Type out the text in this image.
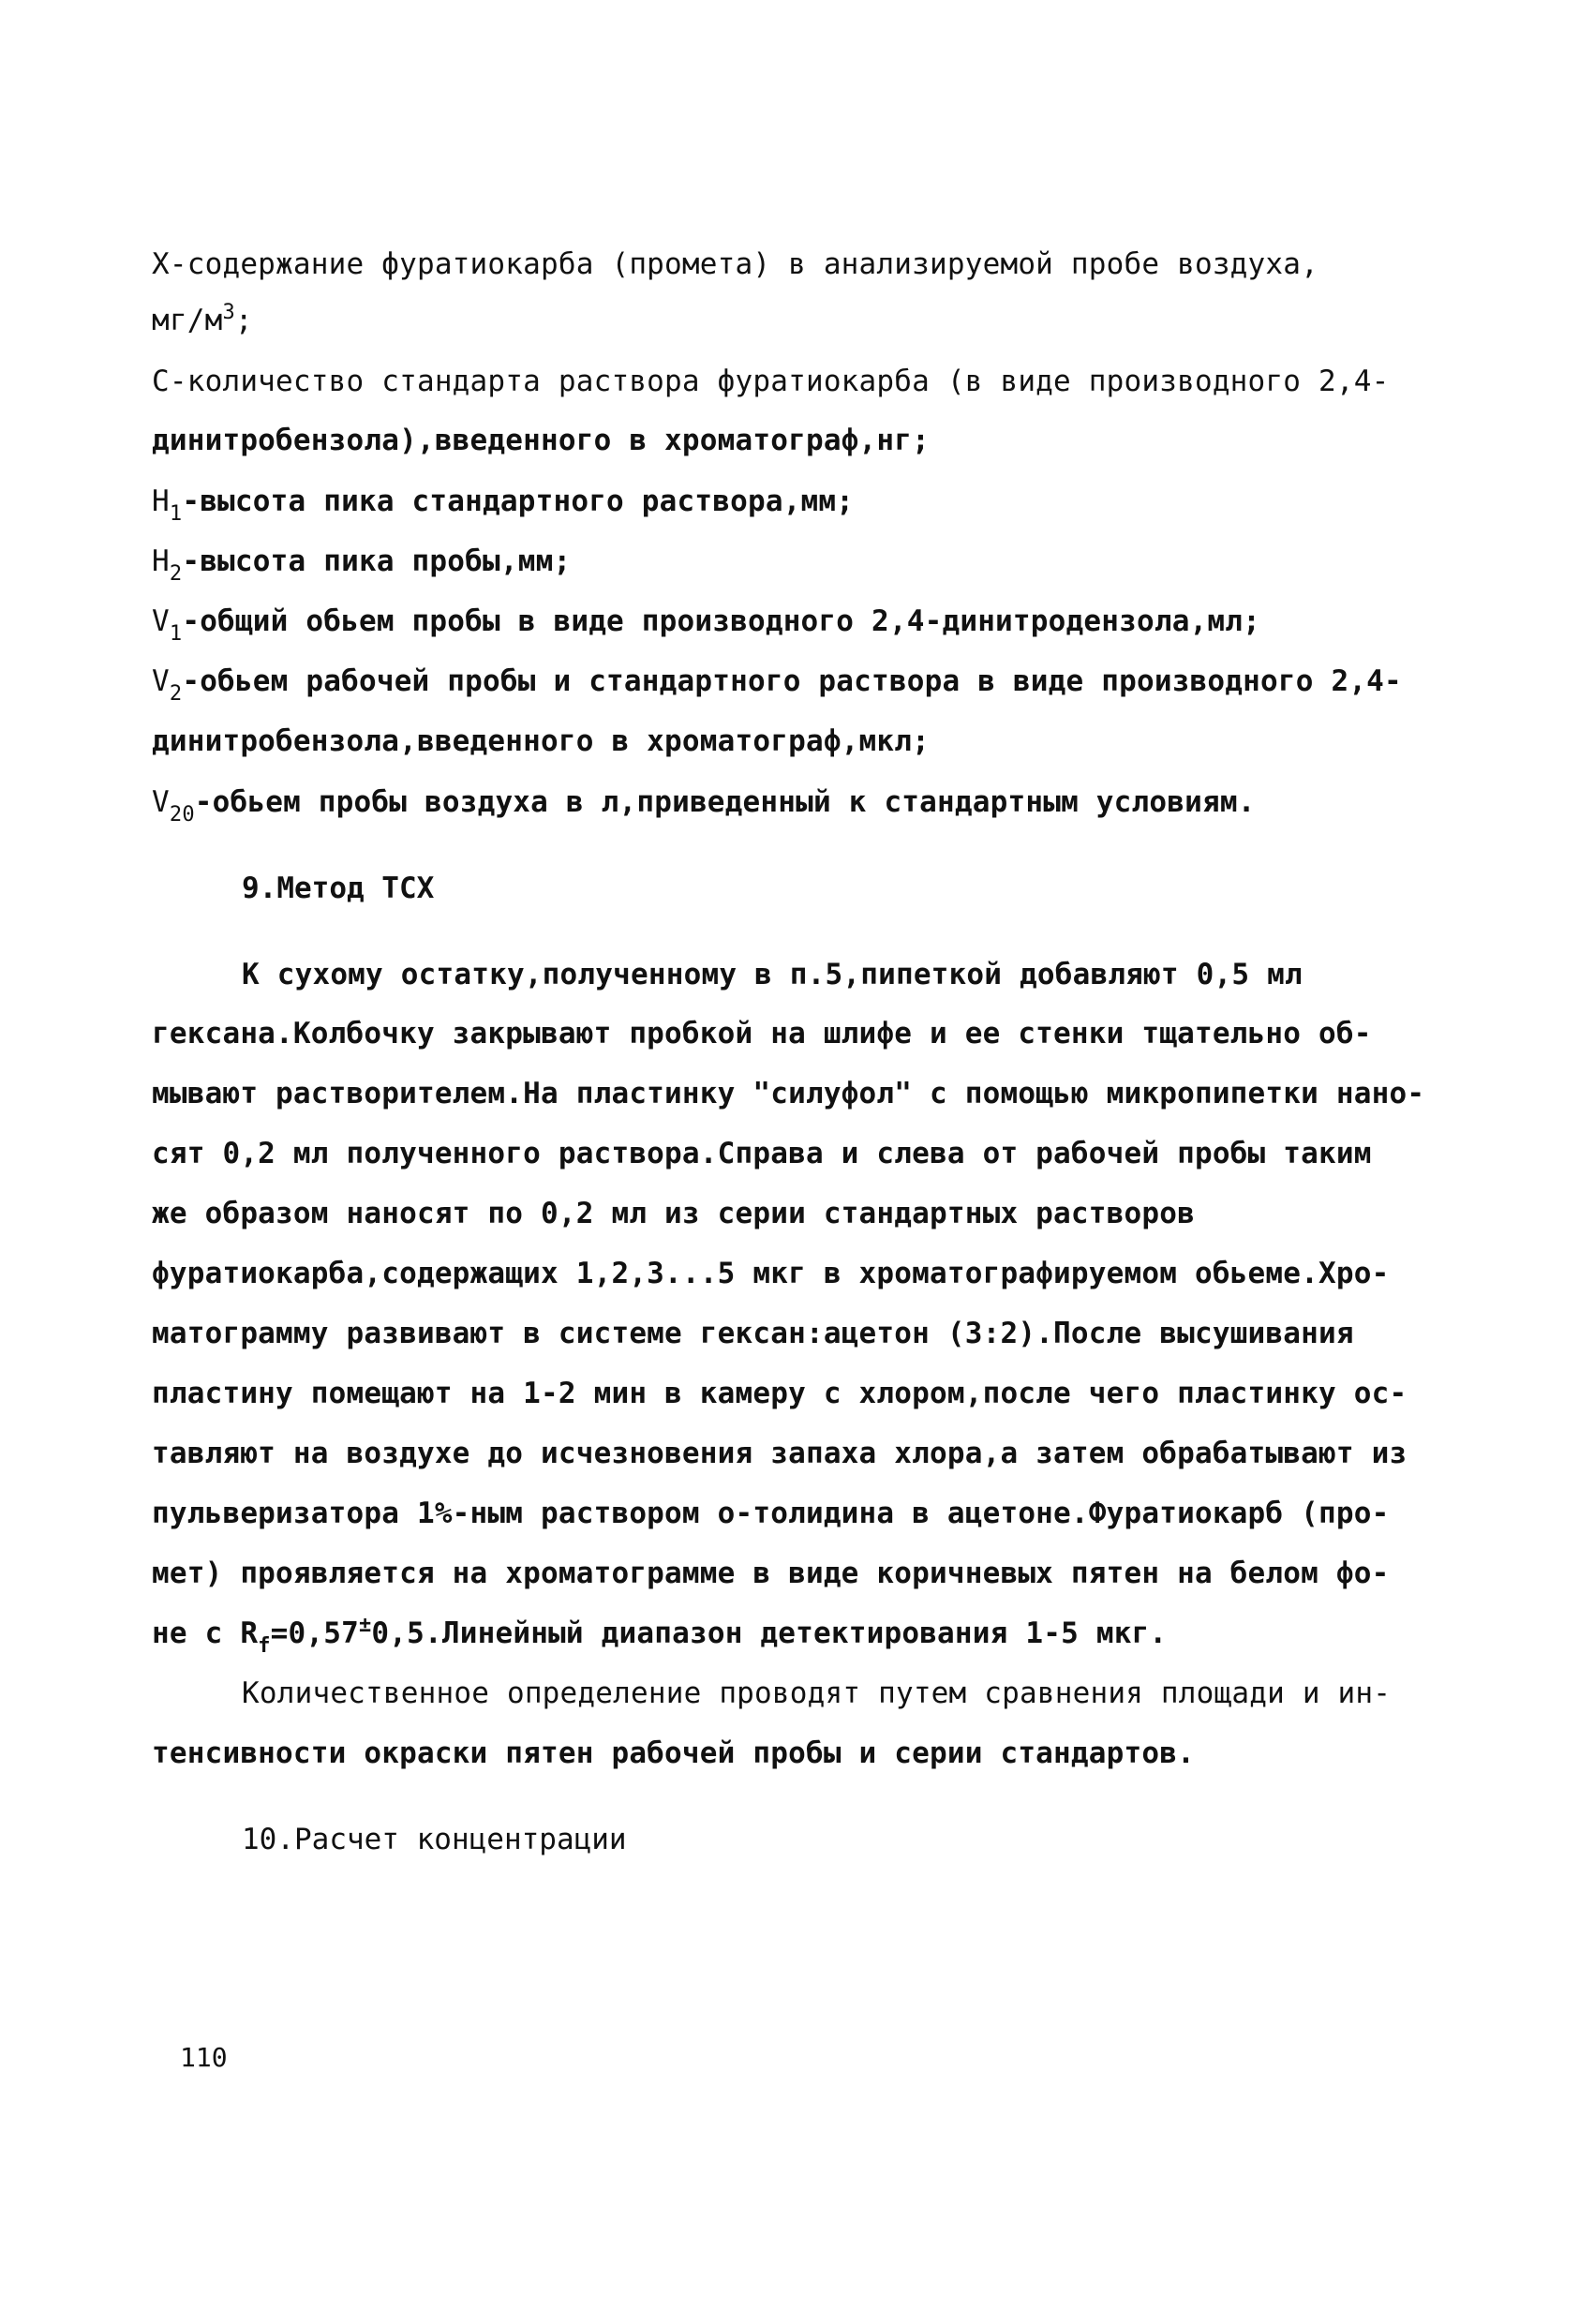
X-содержание фуратиокарба (промета) в анализируемой пробе воздуха,
$мг/м^3$;
С-количество стандарта раствора фуратиокарба (в виде производного 2,4-
динитробензола),введенного в хроматограф,нг;
$Н_1$-высота пика стандартного раствора,мм;
$Н_2$-высота пика пробы,мм;
$V_1$-общий обьем пробы в виде производного 2,4-динитродензола,мл;
$V_2$-обьем рабочей пробы и стандартного раствора в виде производного 2,4-
динитробензола,введенного в хроматограф,мкл;
$V_{20}$-обьем пробы воздуха в л,приведенный к стандартным условиям.
9.Метод ТСХ
К сухому остатку,полученному в п.5,пипеткой добавляют 0,5 мл
гексана.Колбочку закрывают пробкой на шлифе и ее стенки тщательно об-
мывают растворителем.На пластинку "силуфол" с помощью микропипетки нано-
сят 0,2 мл полученного раствора.Справа и слева от рабочей пробы таким
же образом наносят по 0,2 мл из серии стандартных растворов
фуратиокарба,содержащих 1,2,3...5 мкг в хроматографируемом обьеме.Хро-
матограмму развивают в системе гексан:ацетон (3:2).После высушивания
пластину помещают на 1-2 мин в камеру с хлором,после чего пластинку ос-
тавляют на воздухе до исчезновения запаха хлора,а затем обрабатывают из
пульверизатора 1%-ным раствором о-толидина в ацетоне.Фуратиокарб (про-
мет) проявляется на хроматограмме в виде коричневых пятен на белом фо-
не с $R_f=0,57^\pm 0,5.Линейный$ диапазон детектирования 1-5 мкг.
Количественное определение проводят путем сравнения площади и ин-
тенсивности окраски пятен рабочей пробы и серии стандартов.
10.Расчет концентрации
110
